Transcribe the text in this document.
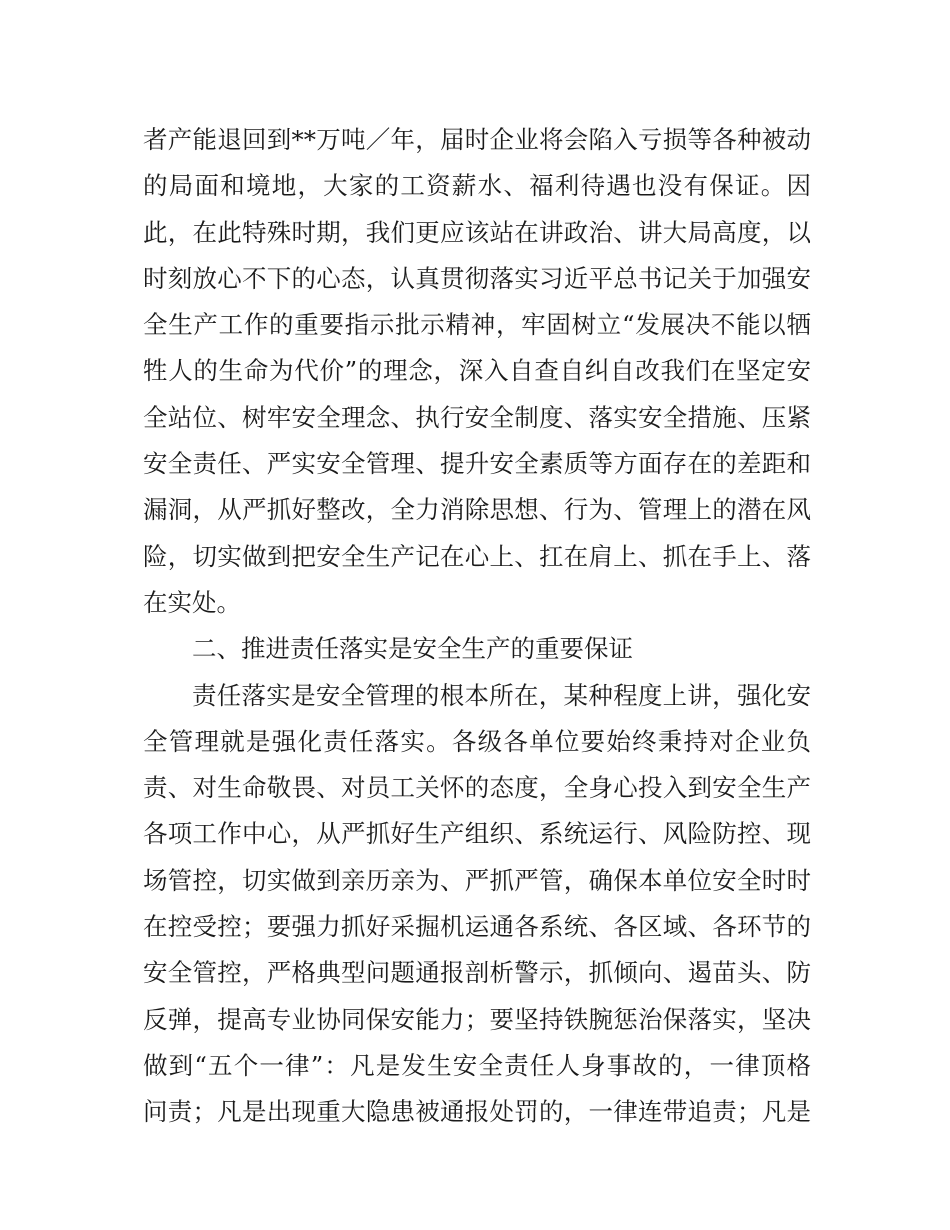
者产能退回到**万吨／年，届时企业将会陷入亏损等各种被动
的局面和境地，大家的工资薪水、福利待遇也没有保证。因
此，在此特殊时期，我们更应该站在讲政治、讲大局高度，以
时刻放心不下的心态，认真贯彻落实习近平总书记关于加强安
全生产工作的重要指示批示精神，牢固树立“发展决不能以牺
牲人的生命为代价”的理念，深入自查自纠自改我们在坚定安
全站位、树牢安全理念、执行安全制度、落实安全措施、压紧
安全责任、严实安全管理、提升安全素质等方面存在的差距和
漏洞，从严抓好整改，全力消除思想、行为、管理上的潜在风
险，切实做到把安全生产记在心上、扛在肩上、抓在手上、落
在实处。
二、推进责任落实是安全生产的重要保证
责任落实是安全管理的根本所在，某种程度上讲，强化安
全管理就是强化责任落实。各级各单位要始终秉持对企业负
责、对生命敬畏、对员工关怀的态度，全身心投入到安全生产
各项工作中心，从严抓好生产组织、系统运行、风险防控、现
场管控，切实做到亲历亲为、严抓严管，确保本单位安全时时
在控受控；要强力抓好采掘机运通各系统、各区域、各环节的
安全管控，严格典型问题通报剖析警示，抓倾向、遏苗头、防
反弹，提高专业协同保安能力；要坚持铁腕惩治保落实，坚决
做到“五个一律”：凡是发生安全责任人身事故的，一律顶格
问责；凡是出现重大隐患被通报处罚的，一律连带追责；凡是
